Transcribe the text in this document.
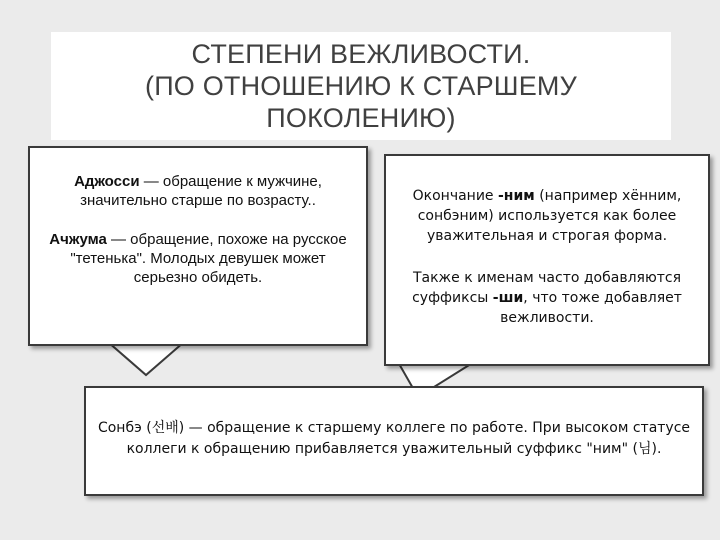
СТЕПЕНИ ВЕЖЛИВОСТИ.
(ПО ОТНОШЕНИЮ К СТАРШЕМУ
ПОКОЛЕНИЮ)

Аджосси — обращение к мужчине, значительно старше по возрасту..

Ачжума — обращение, похоже на русское "тетенька". Молодых девушек может серьезно обидеть.

Окончание -ним (например хённим, сонбэним) используется как более уважительная и строгая форма.

Также к именам часто добавляются суффиксы -ши, что тоже добавляет вежливости.

Сонбэ (선배) — обращение к старшему коллеге по работе. При высоком статусе коллеги к обращению прибавляется уважительный суффикс "ним" (님).
